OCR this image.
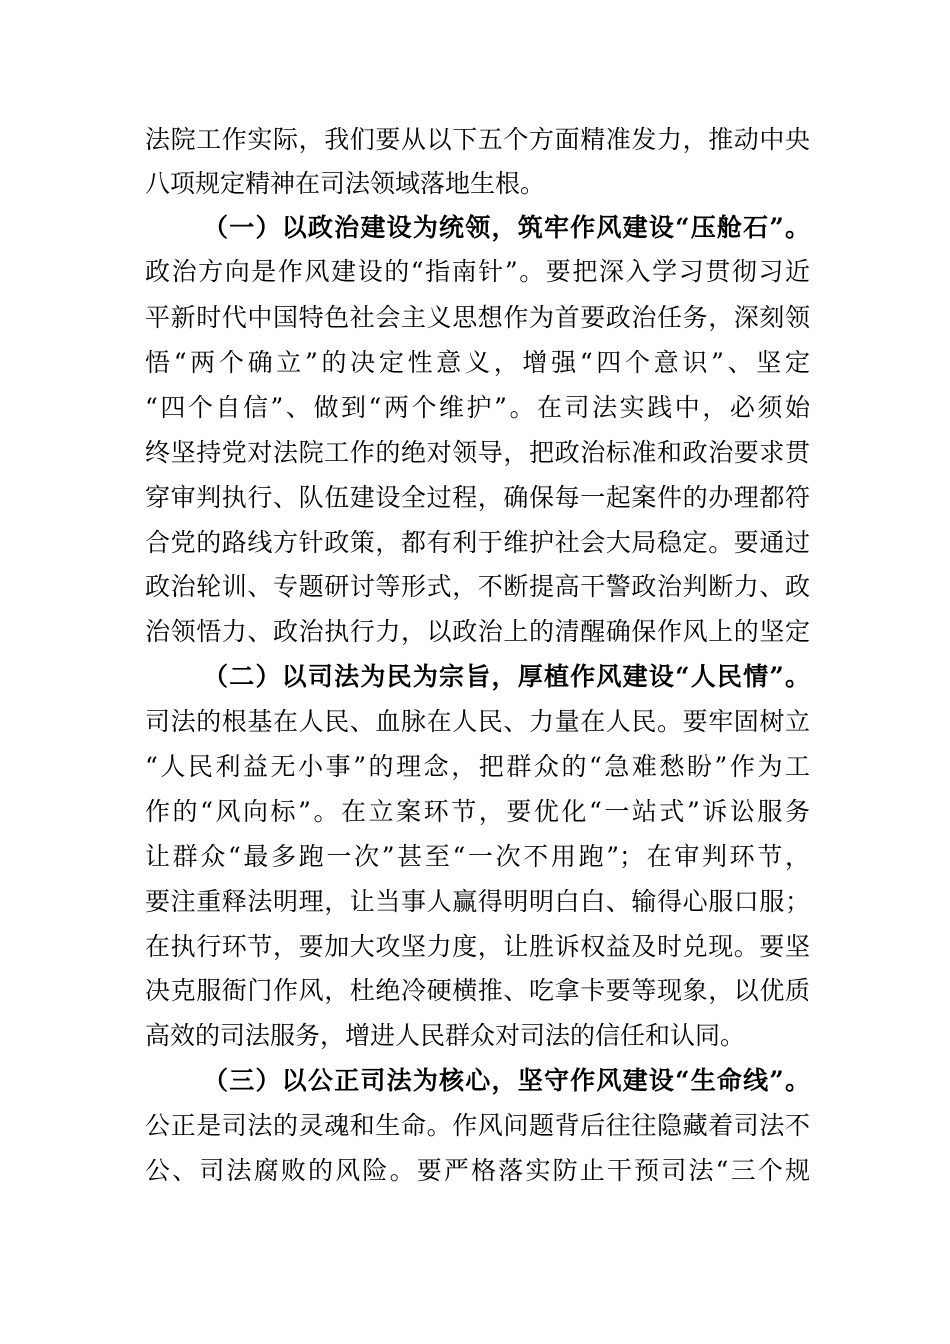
法院工作实际，我们要从以下五个方面精准发力，推动中央
八项规定精神在司法领域落地生根。
（一）以政治建设为统领，筑牢作风建设“压舱石”。
政治方向是作风建设的“指南针”。要把深入学习贯彻习近
平新时代中国特色社会主义思想作为首要政治任务，深刻领
悟“两个确立”的决定性意义，增强“四个意识”、坚定
“四个自信”、做到“两个维护”。在司法实践中，必须始
终坚持党对法院工作的绝对领导，把政治标准和政治要求贯
穿审判执行、队伍建设全过程，确保每一起案件的办理都符
合党的路线方针政策，都有利于维护社会大局稳定。要通过
政治轮训、专题研讨等形式，不断提高干警政治判断力、政
治领悟力、政治执行力，以政治上的清醒确保作风上的坚定
（二）以司法为民为宗旨，厚植作风建设“人民情”。
司法的根基在人民、血脉在人民、力量在人民。要牢固树立
“人民利益无小事”的理念，把群众的“急难愁盼”作为工
作的“风向标”。在立案环节，要优化“一站式”诉讼服务
让群众“最多跑一次”甚至“一次不用跑”；在审判环节，
要注重释法明理，让当事人赢得明明白白、输得心服口服；
在执行环节，要加大攻坚力度，让胜诉权益及时兑现。要坚
决克服衙门作风，杜绝冷硬横推、吃拿卡要等现象，以优质
高效的司法服务，增进人民群众对司法的信任和认同。
（三）以公正司法为核心，坚守作风建设“生命线”。
公正是司法的灵魂和生命。作风问题背后往往隐藏着司法不
公、司法腐败的风险。要严格落实防止干预司法“三个规
